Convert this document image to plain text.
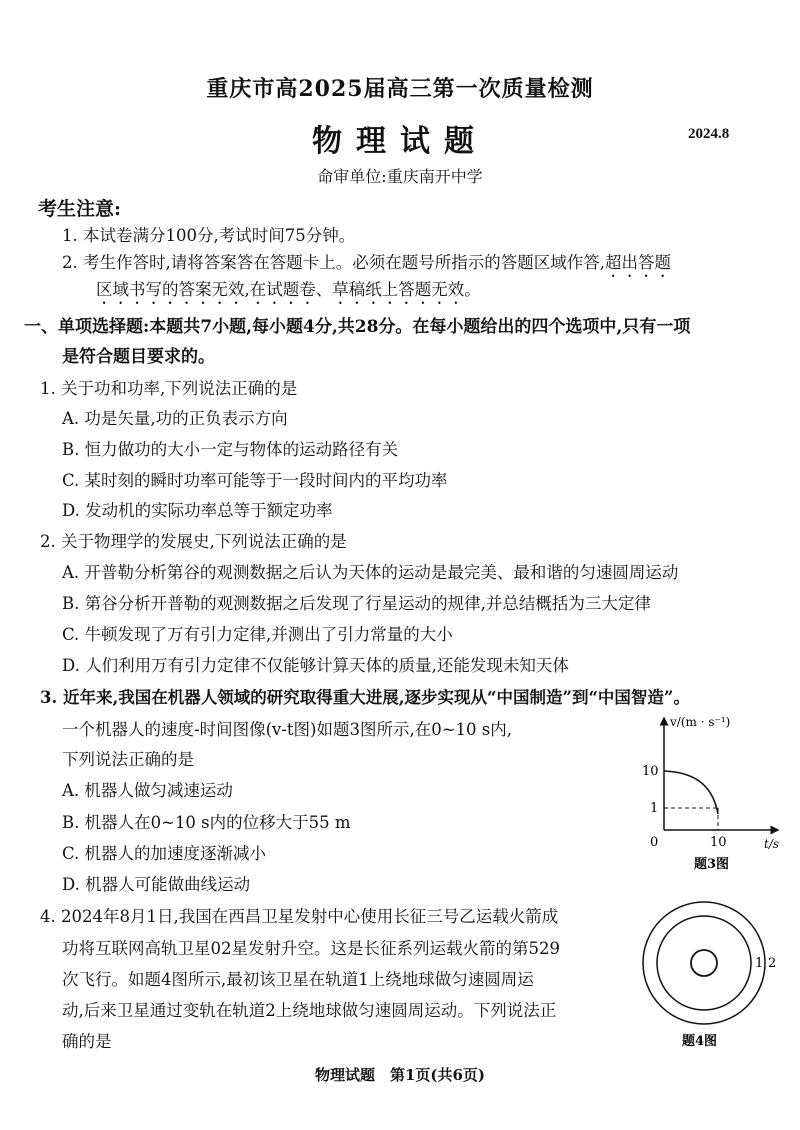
重庆市高2025届高三第一次质量检测
物理试题	2024.8
命审单位:重庆南开中学
考生注意:
1. 本试卷满分100分,考试时间75分钟。
2. 考生作答时,请将答案答在答题卡上。必须在题号所指示的答题区域作答,超出答题
区域书写的答案无效,在试题卷、草稿纸上答题无效。
一、单项选择题:本题共7小题,每小题4分,共28分。在每小题给出的四个选项中,只有一项
是符合题目要求的。
1. 关于功和功率,下列说法正确的是
A. 功是矢量,功的正负表示方向
B. 恒力做功的大小一定与物体的运动路径有关
C. 某时刻的瞬时功率可能等于一段时间内的平均功率
D. 发动机的实际功率总等于额定功率
2. 关于物理学的发展史,下列说法正确的是
A. 开普勒分析第谷的观测数据之后认为天体的运动是最完美、最和谐的匀速圆周运动
B. 第谷分析开普勒的观测数据之后发现了行星运动的规律,并总结概括为三大定律
C. 牛顿发现了万有引力定律,并测出了引力常量的大小
D. 人们利用万有引力定律不仅能够计算天体的质量,还能发现未知天体
3. 近年来,我国在机器人领域的研究取得重大进展,逐步实现从“中国制造”到“中国智造”。
一个机器人的速度-时间图像(v-t图)如题3图所示,在0~10 s内,
下列说法正确的是
A. 机器人做匀减速运动
B. 机器人在0~10 s内的位移大于55 m
C. 机器人的加速度逐渐减小
D. 机器人可能做曲线运动
v/(m · s⁻¹)
t/s
10
1
0	10
题3图
4. 2024年8月1日,我国在西昌卫星发射中心使用长征三号乙运载火箭成
功将互联网高轨卫星02星发射升空。这是长征系列运载火箭的第529
次飞行。如题4图所示,最初该卫星在轨道1上绕地球做匀速圆周运
动,后来卫星通过变轨在轨道2上绕地球做匀速圆周运动。下列说法正
确的是
1 2
题4图
物理试题　第1页(共6页)
